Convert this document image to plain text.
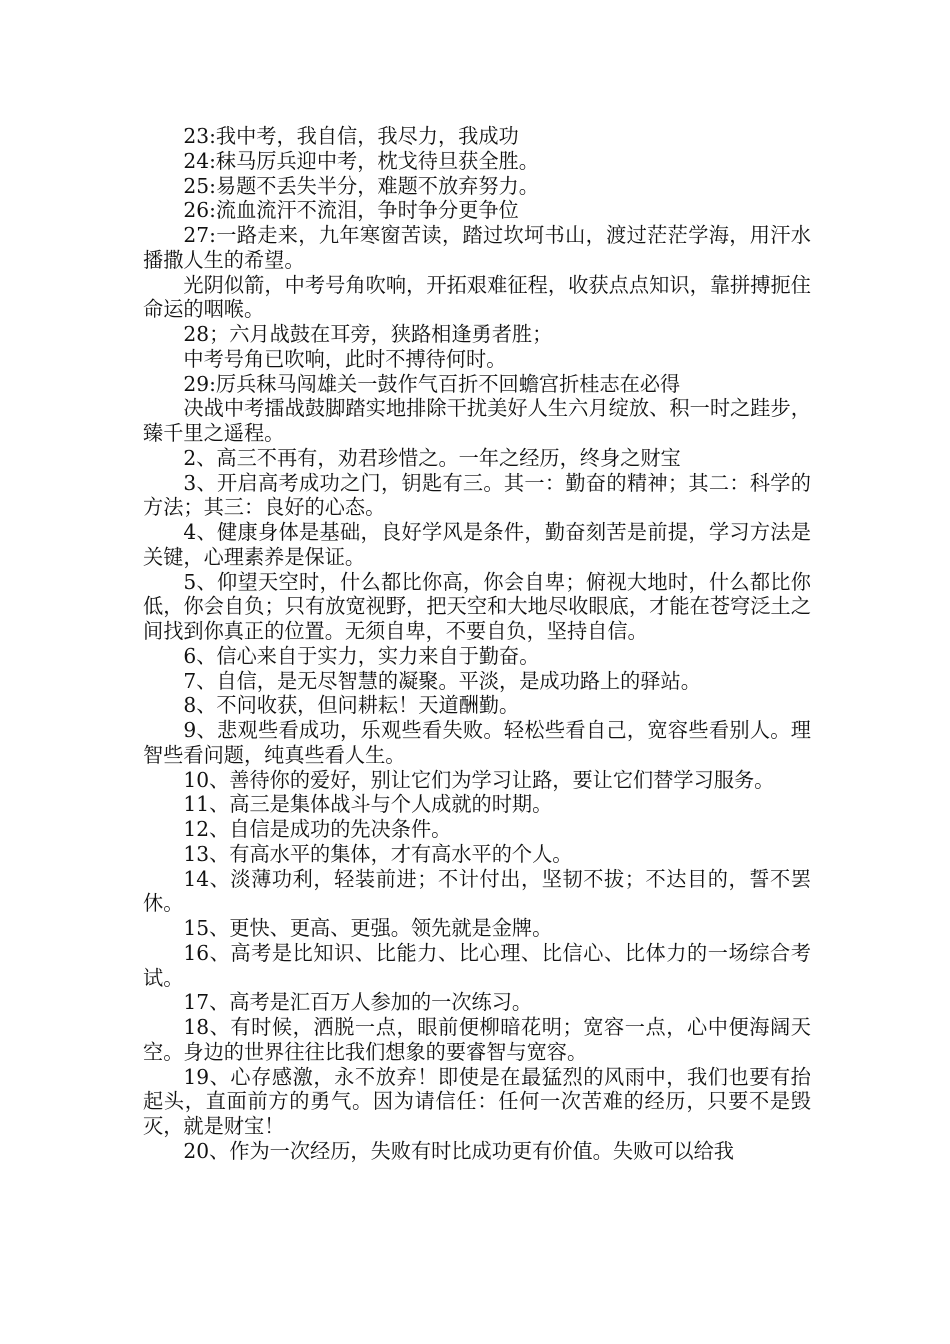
23:我中考，我自信，我尽力，我成功

24:秣马厉兵迎中考，枕戈待旦获全胜。

25:易题不丢失半分，难题不放弃努力。

26:流血流汗不流泪，争时争分更争位

27:一路走来，九年寒窗苦读，踏过坎坷书山，渡过茫茫学海，用汗水播撒人生的希望。

光阴似箭，中考号角吹响，开拓艰难征程，收获点点知识，靠拼搏扼住命运的咽喉。

28；六月战鼓在耳旁，狭路相逢勇者胜；

中考号角已吹响，此时不搏待何时。

29:厉兵秣马闯雄关一鼓作气百折不回蟾宫折桂志在必得

决战中考擂战鼓脚踏实地排除干扰美好人生六月绽放、积一时之跬步，臻千里之遥程。

2、高三不再有，劝君珍惜之。一年之经历，终身之财宝

3、开启高考成功之门，钥匙有三。其一：勤奋的精神；其二：科学的方法；其三：良好的心态。

4、健康身体是基础，良好学风是条件，勤奋刻苦是前提，学习方法是关键，心理素养是保证。

5、仰望天空时，什么都比你高，你会自卑；俯视大地时，什么都比你低，你会自负；只有放宽视野，把天空和大地尽收眼底，才能在苍穹泛土之间找到你真正的位置。无须自卑，不要自负，坚持自信。

6、信心来自于实力，实力来自于勤奋。

7、自信，是无尽智慧的凝聚。平淡，是成功路上的驿站。

8、不问收获，但问耕耘！天道酬勤。

9、悲观些看成功，乐观些看失败。轻松些看自己，宽容些看别人。理智些看问题，纯真些看人生。

10、善待你的爱好，别让它们为学习让路，要让它们替学习服务。

11、高三是集体战斗与个人成就的时期。

12、自信是成功的先决条件。

13、有高水平的集体，才有高水平的个人。

14、淡薄功利，轻装前进；不计付出，坚韧不拔；不达目的，誓不罢休。

15、更快、更高、更强。领先就是金牌。

16、高考是比知识、比能力、比心理、比信心、比体力的一场综合考试。

17、高考是汇百万人参加的一次练习。

18、有时候，洒脱一点，眼前便柳暗花明；宽容一点，心中便海阔天空。身边的世界往往比我们想象的要睿智与宽容。

19、心存感激，永不放弃！即使是在最猛烈的风雨中，我们也要有抬起头，直面前方的勇气。因为请信任：任何一次苦难的经历，只要不是毁灭，就是财宝！

20、作为一次经历，失败有时比成功更有价值。失败可以给我
